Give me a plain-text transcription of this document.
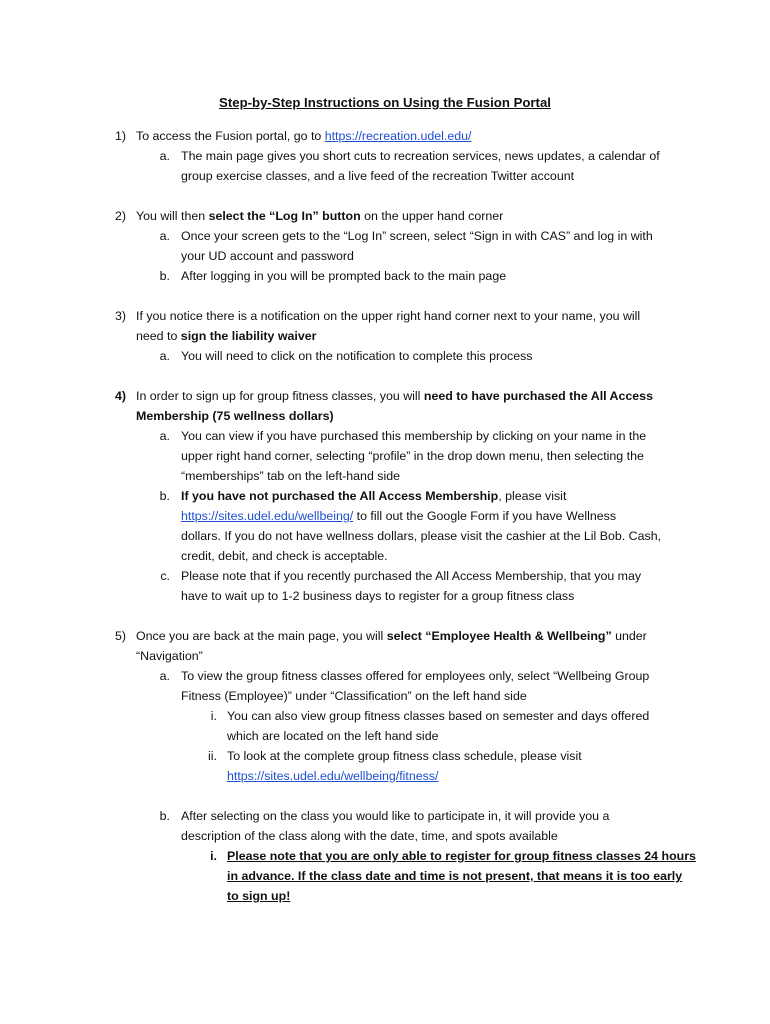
Step-by-Step Instructions on Using the Fusion Portal
1) To access the Fusion portal, go to https://recreation.udel.edu/
a. The main page gives you short cuts to recreation services, news updates, a calendar of
group exercise classes, and a live feed of the recreation Twitter account
2) You will then select the “Log In” button on the upper hand corner
a. Once your screen gets to the “Log In” screen, select “Sign in with CAS” and log in with
your UD account and password
b. After logging in you will be prompted back to the main page
3) If you notice there is a notification on the upper right hand corner next to your name, you will
need to sign the liability waiver
a. You will need to click on the notification to complete this process
4) In order to sign up for group fitness classes, you will need to have purchased the All Access
Membership (75 wellness dollars)
a. You can view if you have purchased this membership by clicking on your name in the
upper right hand corner, selecting “profile” in the drop down menu, then selecting the
“memberships” tab on the left-hand side
b. If you have not purchased the All Access Membership, please visit
https://sites.udel.edu/wellbeing/ to fill out the Google Form if you have Wellness
dollars. If you do not have wellness dollars, please visit the cashier at the Lil Bob. Cash,
credit, debit, and check is acceptable.
c. Please note that if you recently purchased the All Access Membership, that you may
have to wait up to 1-2 business days to register for a group fitness class
5) Once you are back at the main page, you will select “Employee Health & Wellbeing” under
“Navigation”
a. To view the group fitness classes offered for employees only, select “Wellbeing Group
Fitness (Employee)” under “Classification” on the left hand side
i. You can also view group fitness classes based on semester and days offered
which are located on the left hand side
ii. To look at the complete group fitness class schedule, please visit
https://sites.udel.edu/wellbeing/fitness/
b. After selecting on the class you would like to participate in, it will provide you a
description of the class along with the date, time, and spots available
i. Please note that you are only able to register for group fitness classes 24 hours
in advance. If the class date and time is not present, that means it is too early
to sign up!
